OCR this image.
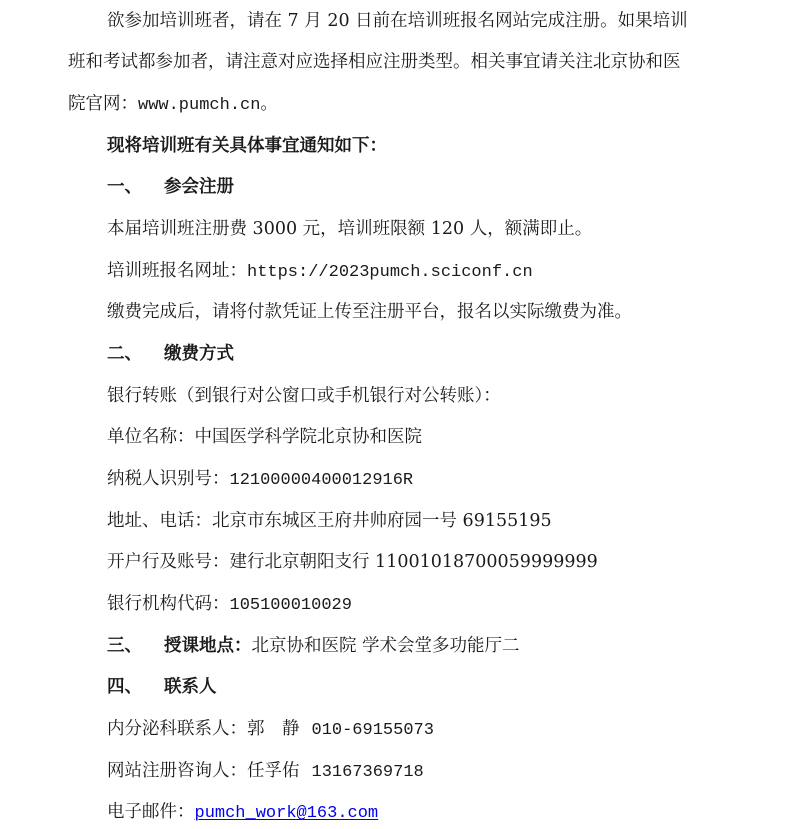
欲参加培训班者，请在 7 月 20 日前在培训班报名网站完成注册。如果培训
班和考试都参加者，请注意对应选择相应注册类型。相关事宜请关注北京协和医
院官网：www.pumch.cn。
现将培训班有关具体事宜通知如下：
一、 参会注册
本届培训班注册费 3000 元，培训班限额 120 人，额满即止。
培训班报名网址：https://2023pumch.sciconf.cn
缴费完成后，请将付款凭证上传至注册平台，报名以实际缴费为准。
二、 缴费方式
银行转账（到银行对公窗口或手机银行对公转账）：
单位名称：中国医学科学院北京协和医院
纳税人识别号：12100000400012916R
地址、电话：北京市东城区王府井帅府园一号 69155195
开户行及账号：建行北京朝阳支行 11001018700059999999
银行机构代码：105100010029
三、 授课地点：北京协和医院 学术会堂多功能厅二
四、 联系人
内分泌科联系人：郭　静 010-69155073
网站注册咨询人：任孚佑 13167369718
电子邮件：pumch_work@163.com
